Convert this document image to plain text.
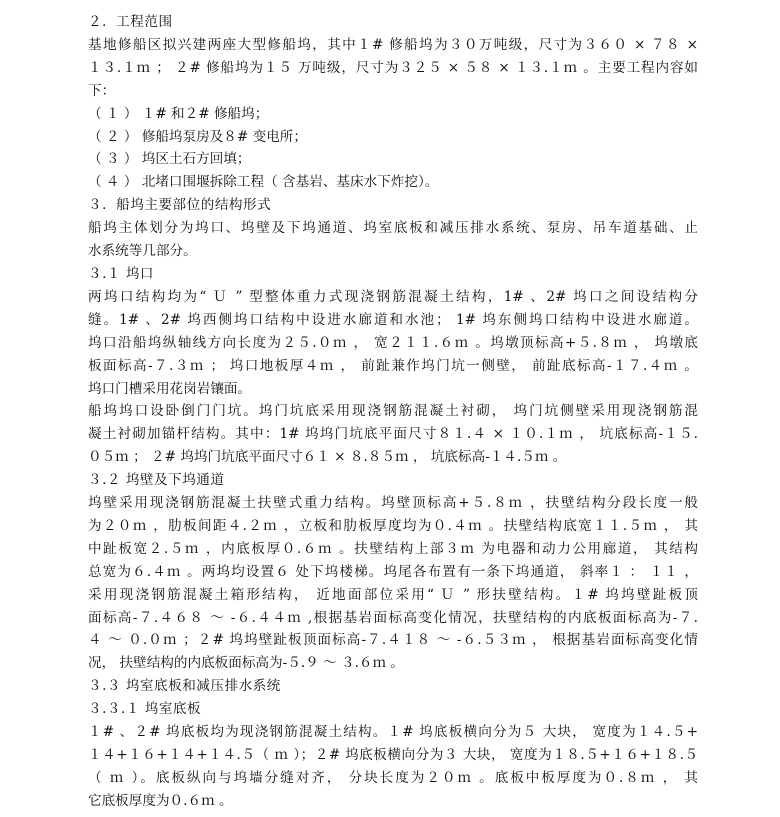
２．工程范围
基地修船区拟兴建两座大型修船坞，其中１# 修船坞为３０万吨级，尺寸为３６０ × ７８ ×
１３.１ｍ ； ２# 修船坞为１５ 万吨级，尺寸为３２５ × ５８ × １３.１ｍ 。主要工程内容如
下：
（ １ ） １# 和２# 修船坞；
（ ２ ） 修船坞泵房及８# 变电所；
（ ３ ） 坞区土石方回填；
（ ４ ） 北堵口围堰拆除工程（ 含基岩、基床水下炸挖）。
３．船坞主要部位的结构形式
船坞主体划分为坞口、坞壁及下坞通道、坞室底板和减压排水系统、泵房、吊车道基础、止
水系统等几部分。
３.１ 坞口
两坞口结构均为“ Ｕ ” 型整体重力式现浇钢筋混凝土结构，1# 、2# 坞口之间设结构分
缝。1# 、2# 坞西侧坞口结构中设进水廊道和水池； 1# 坞东侧坞口结构中设进水廊道。
坞口沿船坞纵轴线方向长度为２５.０ｍ ， 宽２１１.６ｍ 。坞墩顶标高+５.８ｍ ， 坞墩底
板面标高-７.３ｍ ； 坞口地板厚４ｍ ， 前趾兼作坞门坑一侧壁， 前趾底标高-１７.４ｍ 。
坞口门槽采用花岗岩镶面。
船坞坞口设卧倒门门坑。坞门坑底采用现浇钢筋混凝土衬砌， 坞门坑侧壁采用现浇钢筋混
凝土衬砌加锚杆结构。其中：1# 坞坞门坑底平面尺寸８１.４ × １０.１ｍ ， 坑底标高-１５.
０５ｍ ； ２# 坞坞门坑底平面尺寸６１ × ８.８５ｍ ， 坑底标高-１４.５ｍ 。
３.２ 坞壁及下坞通道
坞壁采用现浇钢筋混凝土扶壁式重力结构。坞壁顶标高+５.８ｍ ，扶壁结构分段长度一般
为２０ｍ ，肋板间距４.２ｍ ，立板和肋板厚度均为０.４ｍ 。扶壁结构底宽１１.５ｍ ， 其
中趾板宽２.５ｍ ，内底板厚０.６ｍ 。扶壁结构上部３ｍ 为电器和动力公用廊道， 其结构
总宽为６.４ｍ 。两坞均设置６ 处下坞楼梯。坞尾各布置有一条下坞通道， 斜率１ ： １１ ，
采用现浇钢筋混凝土箱形结构， 近地面部位采用“ Ｕ ” 形扶壁结构。１# 坞坞壁趾板顶
面标高-７.４６８ ～ -６.４４ｍ ,根据基岩面标高变化情况，扶壁结构的内底板面标高为-７.
４ ～ ０.０ｍ ；２# 坞坞壁趾板顶面标高-７.４１８ ～ -６.５３ｍ ， 根据基岩面标高变化情
况， 扶壁结构的内底板面标高为-５.９ ～ ３.６ｍ 。
３.３ 坞室底板和减压排水系统
３.３.１ 坞室底板
１# 、２# 坞底板均为现浇钢筋混凝土结构。１# 坞底板横向分为５ 大块， 宽度为１４.５+
１４+１６+１４+１４.５（ ｍ ）；２# 坞底板横向分为３ 大块， 宽度为１８.５+１６+１８.５
（ ｍ ）。底板纵向与坞墙分缝对齐， 分块长度为２０ｍ 。底板中板厚度为０.８ｍ ， 其
它底板厚度为０.６ｍ 。
